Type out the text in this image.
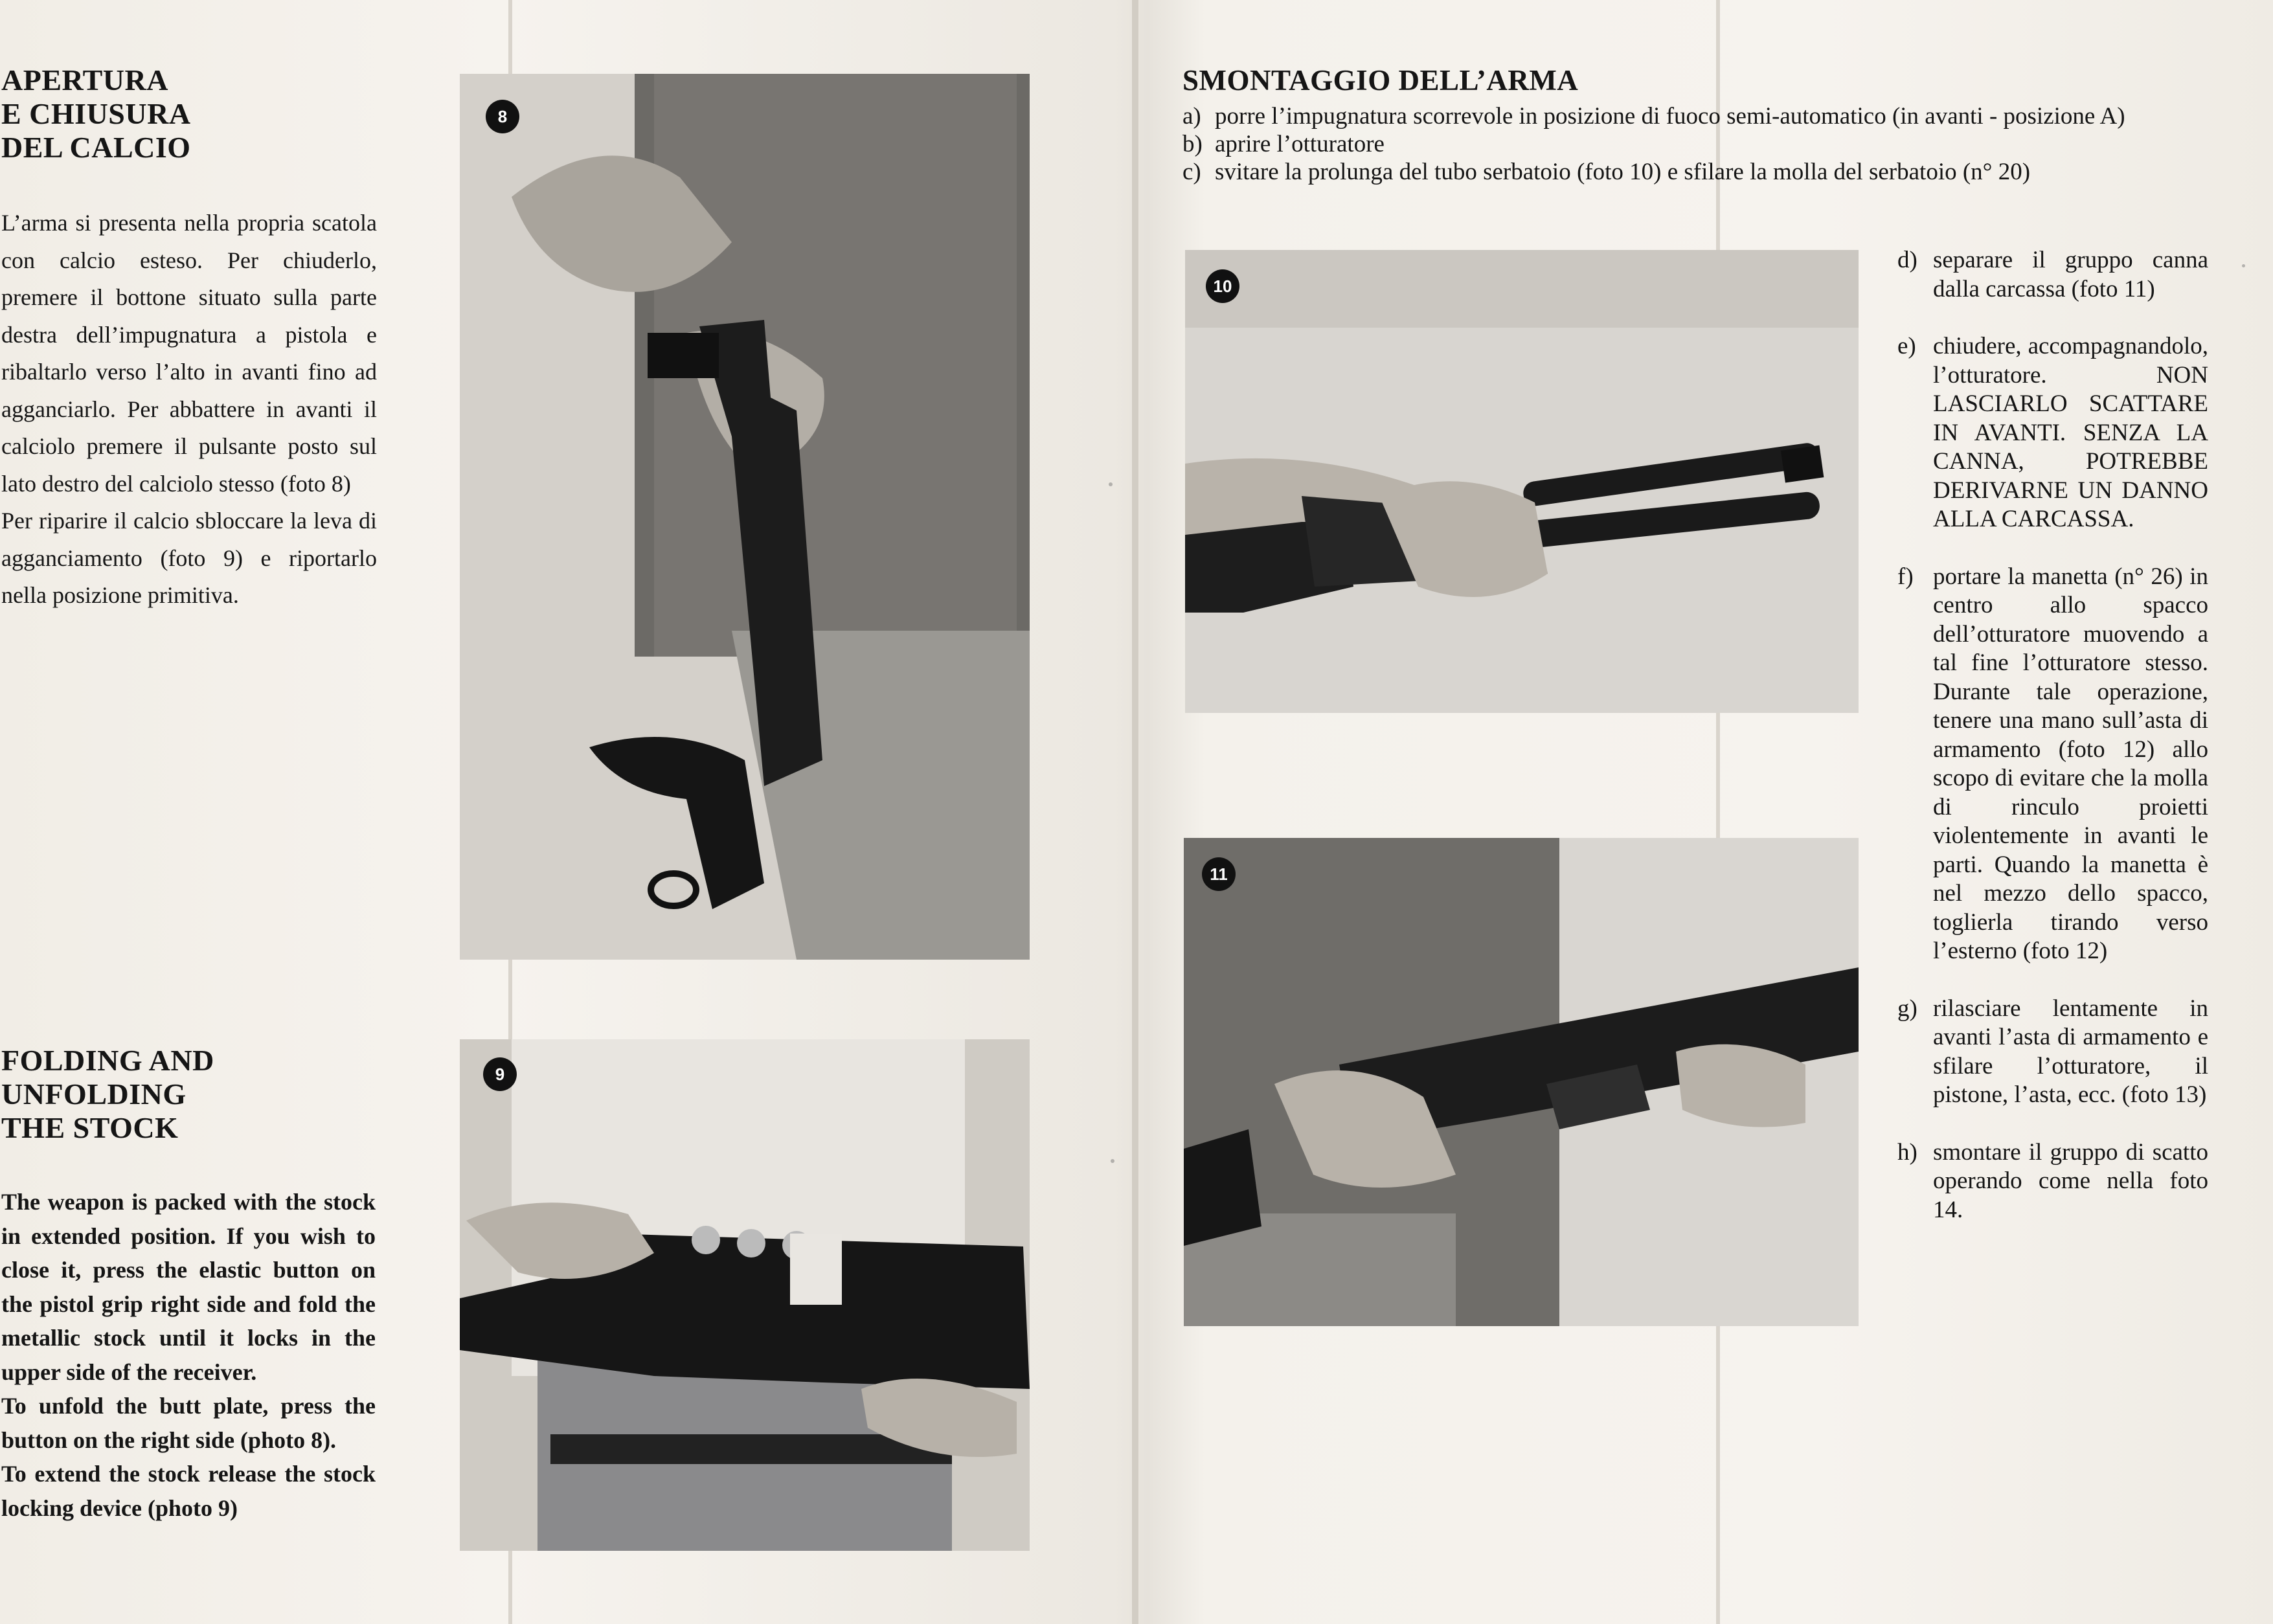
APERTURA
E CHIUSURA
DEL CALCIO

L’arma si presenta nella propria scatola con calcio esteso. Per chiuderlo, premere il bottone situato sulla parte destra dell’impugnatura a pistola e ribaltarlo verso l’alto in avanti fino ad agganciarlo. Per abbattere in avanti il calciolo premere il pulsante posto sul lato destro del calciolo stesso (foto 8)

Per riparire il calcio sbloccare la leva di agganciamento (foto 9) e riportarlo nella posizione primitiva.

FOLDING AND
UNFOLDING
THE STOCK

The weapon is packed with the stock in extended position. If you wish to close it, press the elastic button on the pistol grip right side and fold the metallic stock until it locks in the upper side of the receiver.

To unfold the butt plate, press the button on the right side (photo 8).

To extend the stock release the stock locking device (photo 9)

8
9
SMONTAGGIO DELL’ARMA
a) porre l’impugnatura scorrevole in posizione di fuoco semi-automatico (in avanti - posizione A)
b) aprire l’otturatore
c) svitare la prolunga del tubo serbatoio (foto 10) e sfilare la molla del serbatoio (n° 20)
10
11
d) separare il gruppo canna dalla carcassa (foto 11)
e) chiudere, accompagnandolo, l’otturatore. NON LASCIARLO SCATTARE IN AVANTI. SENZA LA CANNA, POTREBBE DERIVARNE UN DANNO ALLA CARCASSA.
f) portare la manetta (n° 26) in centro allo spacco dell’otturatore muovendo a tal fine l’otturatore stesso. Durante tale operazione, tenere una mano sull’asta di armamento (foto 12) allo scopo di evitare che la molla di rinculo proietti violentemente in avanti le parti. Quando la manetta è nel mezzo dello spacco, toglierla tirando verso l’esterno (foto 12)
g) rilasciare lentamente in avanti l’asta di armamento e sfilare l’otturatore, il pistone, l’asta, ecc. (foto 13)
h) smontare il gruppo di scatto operando come nella foto 14.
